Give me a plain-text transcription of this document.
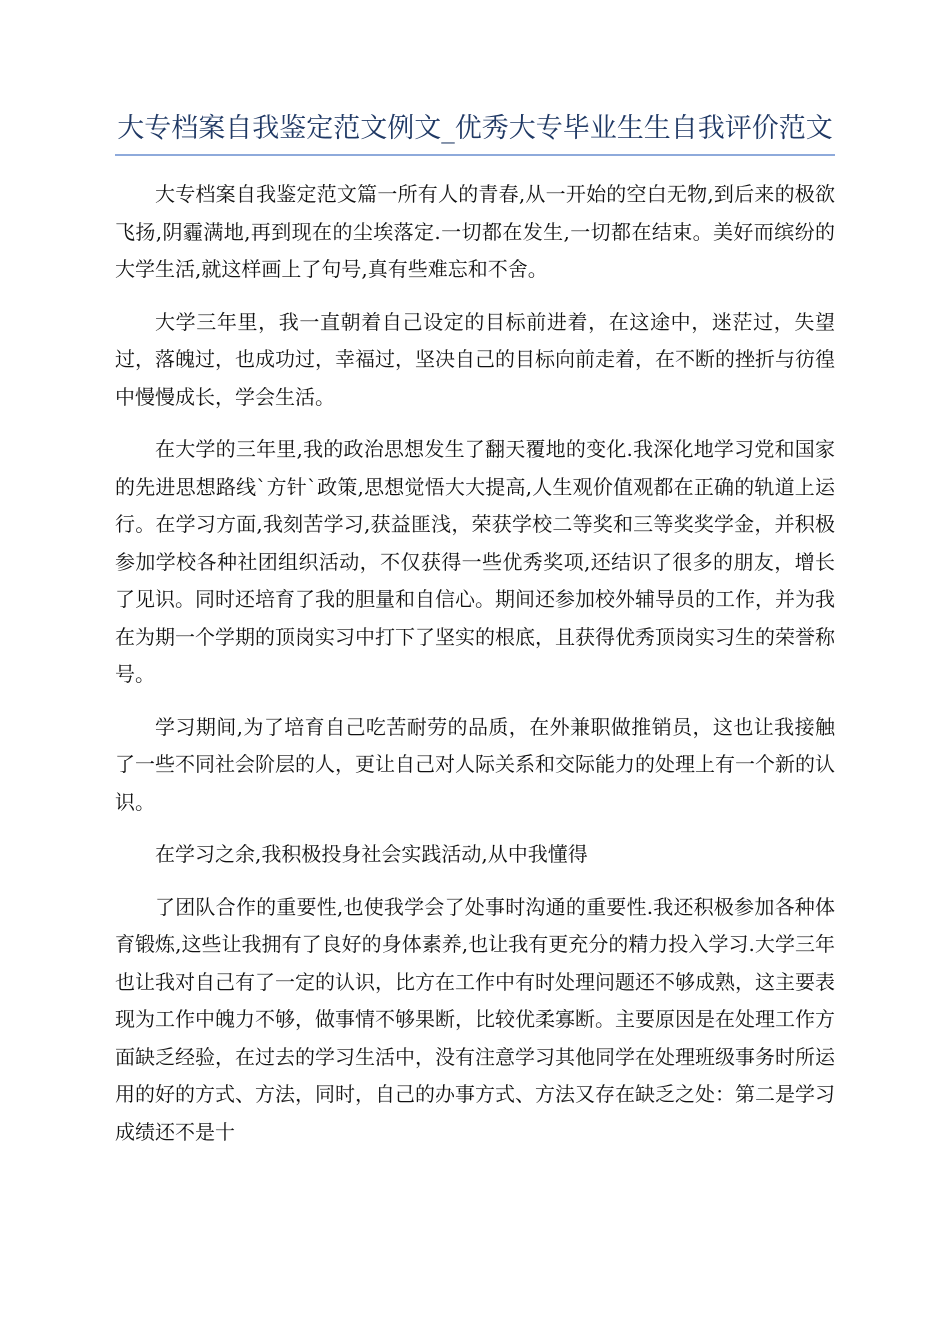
大专档案自我鉴定范文例文_优秀大专毕业生生自我评价范文

大专档案自我鉴定范文篇一所有人的青春,从一开始的空白无物,到后来的极欲飞扬,阴霾满地,再到现在的尘埃落定.一切都在发生,一切都在结束。美好而缤纷的大学生活,就这样画上了句号,真有些难忘和不舍。

大学三年里，我一直朝着自己设定的目标前进着，在这途中，迷茫过，失望过，落魄过，也成功过，幸福过，坚决自己的目标向前走着，在不断的挫折与彷徨中慢慢成长，学会生活。

在大学的三年里,我的政治思想发生了翻天覆地的变化.我深化地学习党和国家的先进思想路线`方针`政策,思想觉悟大大提高,人生观价值观都在正确的轨道上运行。在学习方面,我刻苦学习,获益匪浅，荣获学校二等奖和三等奖奖学金，并积极参加学校各种社团组织活动，不仅获得一些优秀奖项,还结识了很多的朋友，增长了见识。同时还培育了我的胆量和自信心。期间还参加校外辅导员的工作，并为我在为期一个学期的顶岗实习中打下了坚实的根底，且获得优秀顶岗实习生的荣誉称号。

学习期间,为了培育自己吃苦耐劳的品质，在外兼职做推销员，这也让我接触了一些不同社会阶层的人，更让自己对人际关系和交际能力的处理上有一个新的认识。

在学习之余,我积极投身社会实践活动,从中我懂得

了团队合作的重要性,也使我学会了处事时沟通的重要性.我还积极参加各种体育锻炼,这些让我拥有了良好的身体素养,也让我有更充分的精力投入学习.大学三年也让我对自己有了一定的认识，比方在工作中有时处理问题还不够成熟，这主要表现为工作中魄力不够，做事情不够果断，比较优柔寡断。主要原因是在处理工作方面缺乏经验，在过去的学习生活中，没有注意学习其他同学在处理班级事务时所运用的好的方式、方法，同时，自己的办事方式、方法又存在缺乏之处：第二是学习成绩还不是十
